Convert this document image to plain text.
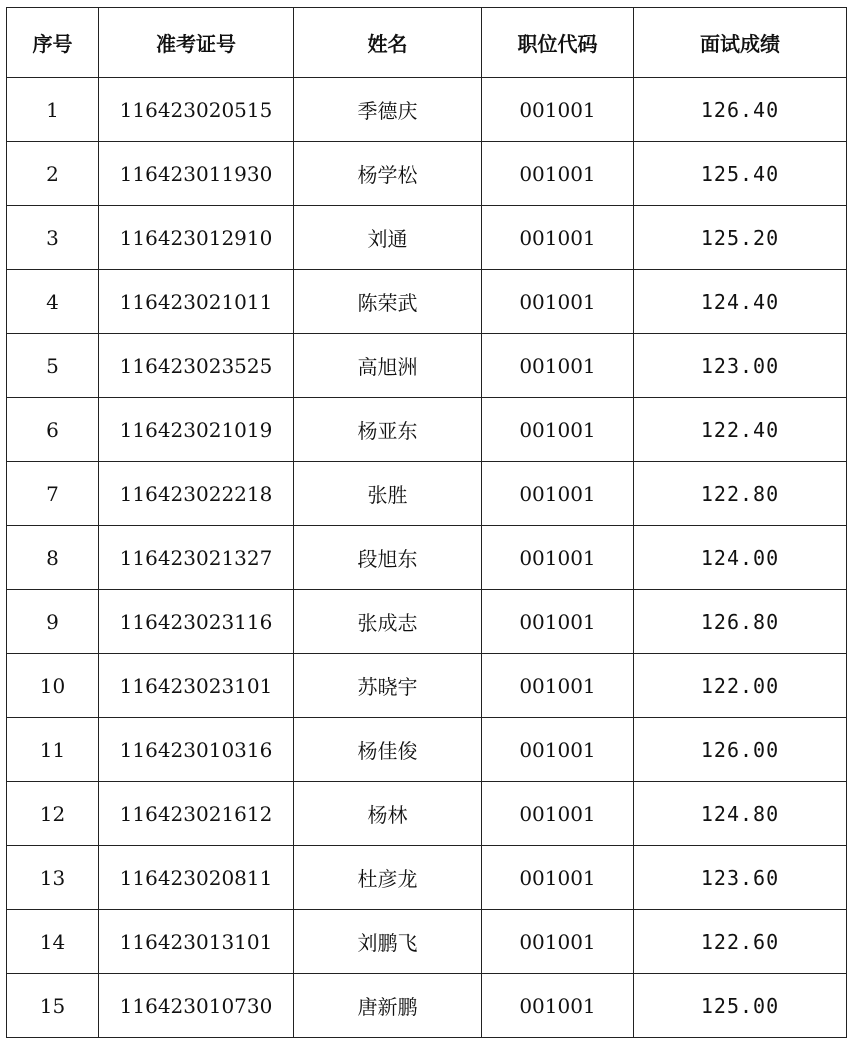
序号	准考证号	姓名	职位代码	面试成绩
1	116423020515	季德庆	001001	126.40
2	116423011930	杨学松	001001	125.40
3	116423012910	刘通	001001	125.20
4	116423021011	陈荣武	001001	124.40
5	116423023525	高旭洲	001001	123.00
6	116423021019	杨亚东	001001	122.40
7	116423022218	张胜	001001	122.80
8	116423021327	段旭东	001001	124.00
9	116423023116	张成志	001001	126.80
10	116423023101	苏晓宇	001001	122.00
11	116423010316	杨佳俊	001001	126.00
12	116423021612	杨林	001001	124.80
13	116423020811	杜彦龙	001001	123.60
14	116423013101	刘鹏飞	001001	122.60
15	116423010730	唐新鹏	001001	125.00
